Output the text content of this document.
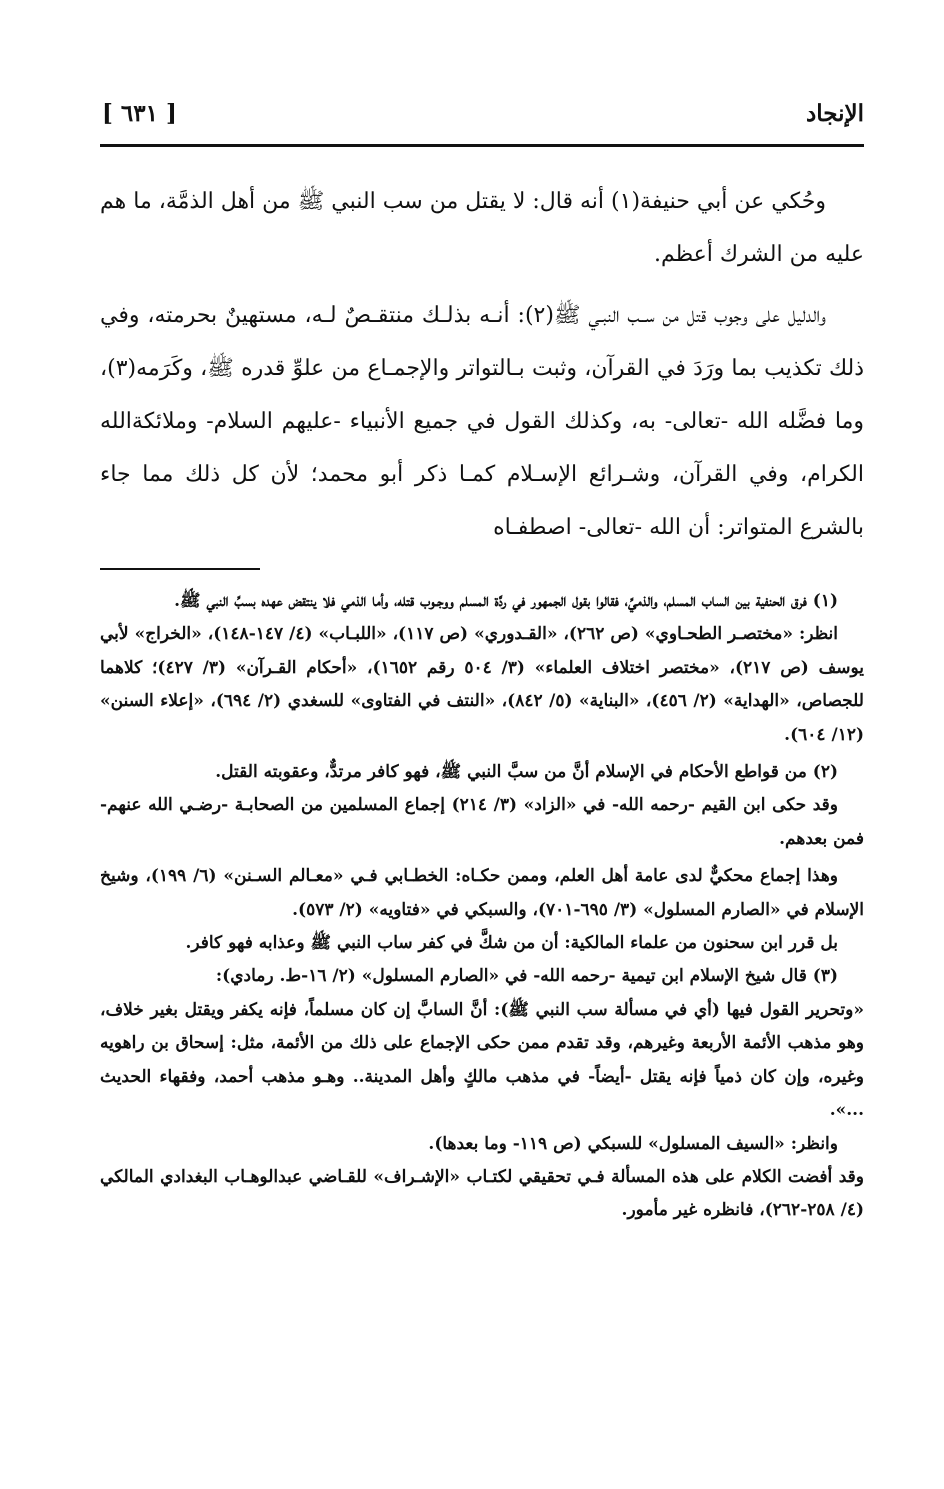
الإنجاد
[ ٦٣١ ]

وحُكي عن أبي حنيفة(١) أنه قال: لا يقتل من سب النبي ﷺ من أهل الذمَّة، ما هم عليه من الشرك أعظم.

والدليل على وجوب قتل من ســب النبـي ﷺ(٢): أنـه بذلـك منتقـصٌ لـه، مستهينٌ بحرمته، وفي ذلك تكذيب بما ورَدَ في القرآن، وثبت بـالتواتر والإجمـاع من علوِّ قدره ﷺ، وكَرَمه(٣)، وما فضَّله الله -تعالى- به، وكذلك القول في جميع الأنبياء -عليهم السلام- وملائكةالله الكرام، وفي القرآن، وشـرائع الإسـلام كمـا ذكر أبو محمد؛ لأن كل ذلك مما جاء بالشرع المتواتر: أن الله -تعالى- اصطفـاه

(١) فرق الحنفية بين الساب المسلم، والذميِّ، فقالوا بقول الجمهور في ردَّة المسلم ووجـوب قتله، وأما الذمي فلا ينتقض عهده بسبِّ النبي ﷺ.

انظر: «مختصـر الطحـاوي» (ص ٢٦٢)، «القـدوري» (ص ١١٧)، «اللبـاب» (٤/ ١٤٧-١٤٨)، «الخراج» لأبي يوسف (ص ٢١٧)، «مختصر اختلاف العلماء» (٣/ ٥٠٤ رقم ١٦٥٢)، «أحكام القـرآن» (٣/ ٤٢٧)؛ كلاهما للجصاص، «الهداية» (٢/ ٤٥٦)، «البناية» (٥/ ٨٤٢)، «النتف في الفتاوى» للسغدي (٢/ ٦٩٤)، «إعلاء السنن» (١٢/ ٦٠٤).

(٢) من قواطع الأحكام في الإسلام أنَّ من سبَّ النبي ﷺ، فهو كافر مرتدٌّ، وعقوبته القتل.

وقد حكى ابن القيم -رحمه الله- في «الزاد» (٣/ ٢١٤) إجماع المسلمين من الصحابـة -رضـي الله عنهم- فمن بعدهم.

وهذا إجماع محكيٌّ لدى عامة أهل العلم، وممن حكـاه: الخطـابي فـي «معـالم السـنن» (٦/ ١٩٩)، وشيخ الإسلام في «الصارم المسلول» (٣/ ٦٩٥-٧٠١)، والسبكي في «فتاويه» (٢/ ٥٧٣).

بل قرر ابن سحنون من علماء المالكية: أن من شكَّ في كفر ساب النبي ﷺ وعذابه فهو كافر.

(٣) قال شيخ الإسلام ابن تيمية -رحمه الله- في «الصارم المسلول» (٢/ ١٦-ط. رمادي):

«وتحرير القول فيها (أي في مسألة سب النبي ﷺ): أنَّ السابَّ إن كان مسلماً، فإنه يكفر ويقتل بغير خلاف، وهو مذهب الأئمة الأربعة وغيرهم، وقد تقدم ممن حكى الإجماع على ذلك من الأئمة، مثل: إسحاق بن راهويه وغيره، وإن كان ذمياً فإنه يقتل -أيضاً- في مذهب مالكٍ وأهل المدينة.. وهـو مذهب أحمد، وفقهاء الحديث ...».

وانظر: «السيف المسلول» للسبكي (ص ١١٩- وما بعدها).

وقد أفضت الكلام على هذه المسألة فـي تحقيقي لكتـاب «الإشـراف» للقـاضي عبدالوهـاب البغدادي المالكي (٤/ ٢٥٨-٢٦٢)، فانظره غير مأمور.
